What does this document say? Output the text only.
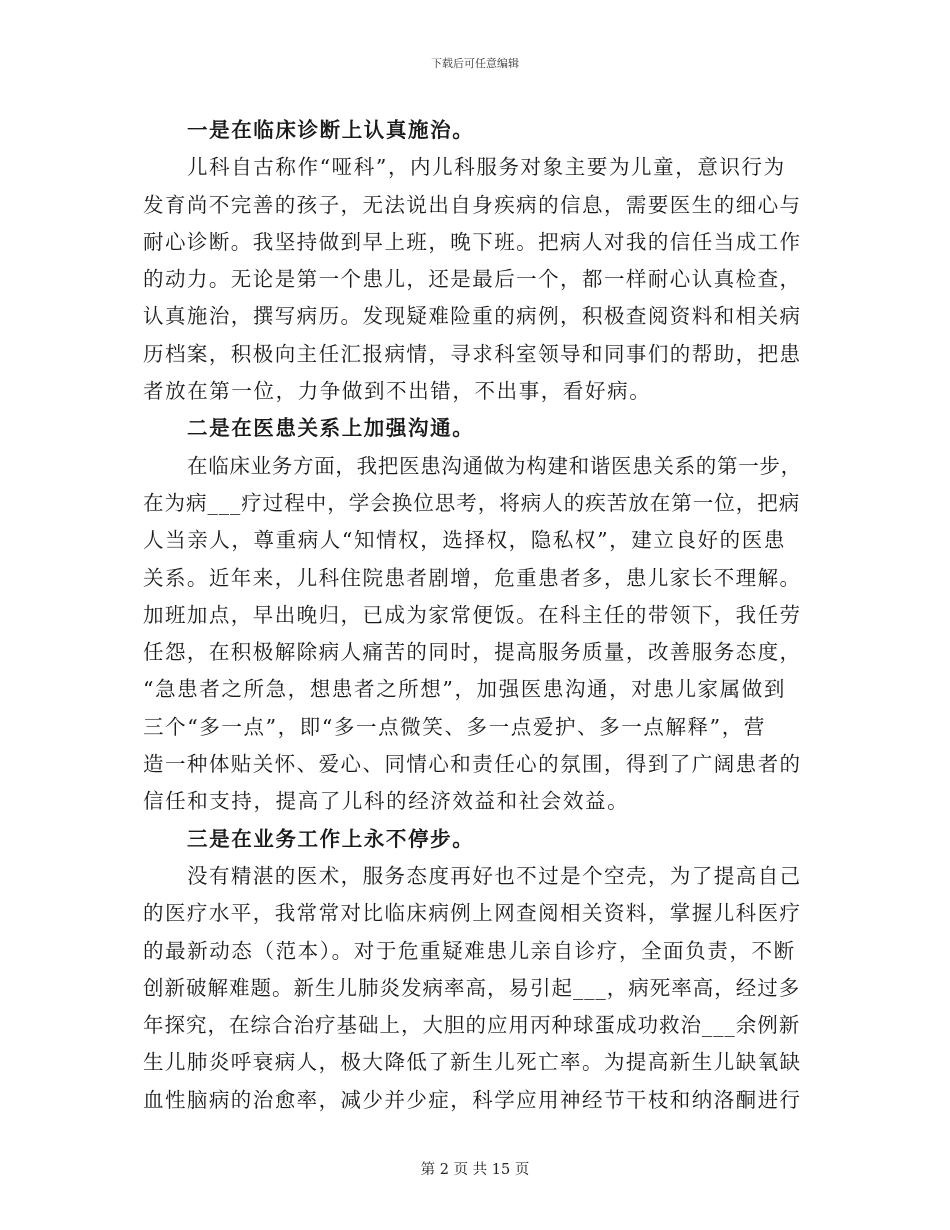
下载后可任意编辑
一是在临床诊断上认真施治。
儿科自古称作“哑科”，内儿科服务对象主要为儿童，意识行为
发育尚不完善的孩子，无法说出自身疾病的信息，需要医生的细心与
耐心诊断。我坚持做到早上班，晚下班。把病人对我的信任当成工作
的动力。无论是第一个患儿，还是最后一个，都一样耐心认真检查，
认真施治，撰写病历。发现疑难险重的病例，积极查阅资料和相关病
历档案，积极向主任汇报病情，寻求科室领导和同事们的帮助，把患
者放在第一位，力争做到不出错，不出事，看好病。
二是在医患关系上加强沟通。
在临床业务方面，我把医患沟通做为构建和谐医患关系的第一步，
在为病___疗过程中，学会换位思考，将病人的疾苦放在第一位，把病
人当亲人，尊重病人“知情权，选择权，隐私权”，建立良好的医患
关系。近年来，儿科住院患者剧增，危重患者多，患儿家长不理解。
加班加点，早出晚归，已成为家常便饭。在科主任的带领下，我任劳
任怨，在积极解除病人痛苦的同时，提高服务质量，改善服务态度，
“急患者之所急，想患者之所想”，加强医患沟通，对患儿家属做到
三个“多一点”，即“多一点微笑、多一点爱护、多一点解释”，营
造一种体贴关怀、爱心、同情心和责任心的氛围，得到了广阔患者的
信任和支持，提高了儿科的经济效益和社会效益。
三是在业务工作上永不停步。
没有精湛的医术，服务态度再好也不过是个空壳，为了提高自己
的医疗水平，我常常对比临床病例上网查阅相关资料，掌握儿科医疗
的最新动态（范本）。对于危重疑难患儿亲自诊疗，全面负责，不断
创新破解难题。新生儿肺炎发病率高，易引起___，病死率高，经过多
年探究，在综合治疗基础上，大胆的应用丙种球蛋成功救治___余例新
生儿肺炎呼衰病人，极大降低了新生儿死亡率。为提高新生儿缺氧缺
血性脑病的治愈率，减少并少症，科学应用神经节干枝和纳洛酮进行
第 2 页 共 15 页
